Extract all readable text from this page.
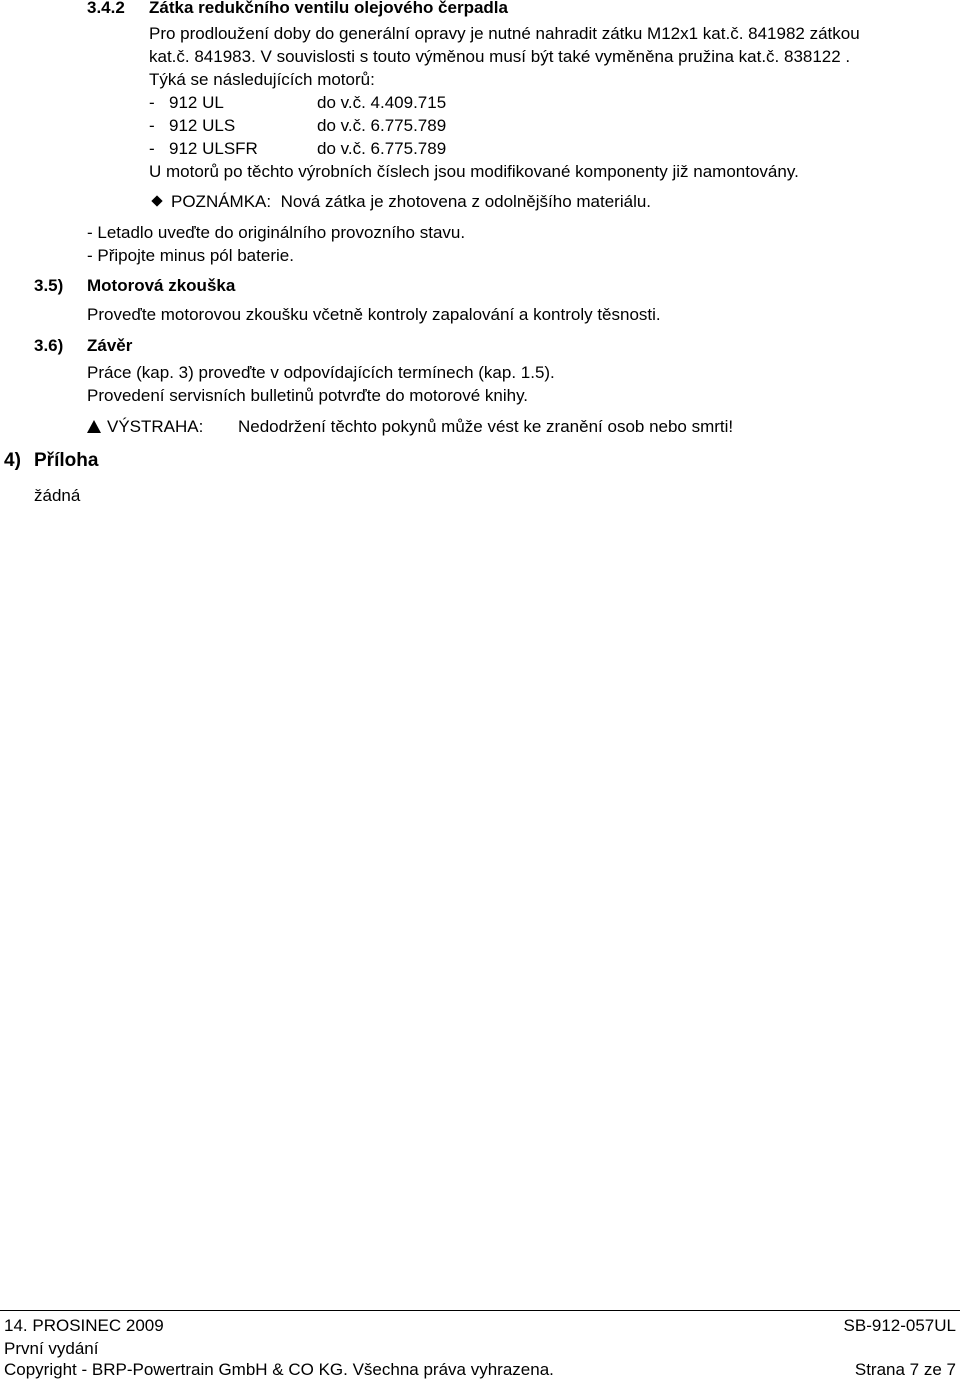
3.4.2 Zátka redukčního ventilu olejového čerpadla
Pro prodloužení doby do generální opravy je nutné nahradit zátku M12x1 kat.č. 841982 zátkou
kat.č. 841983. V souvislosti s touto výměnou musí být také vyměněna pružina kat.č. 838122 .
Týká se následujících motorů:
- 912 UL	do v.č. 4.409.715
- 912 ULS	do v.č. 6.775.789
- 912 ULSFR	do v.č. 6.775.789
U motorů po těchto výrobních číslech jsou modifikované komponenty již namontovány.
POZNÁMKA: Nová zátka je zhotovena z odolnějšího materiálu.
- Letadlo uveďte do originálního provozního stavu.
- Připojte minus pól baterie.
3.5) Motorová zkouška
Proveďte motorovou zkoušku včetně kontroly zapalování a kontroly těsnosti.
3.6) Závěr
Práce (kap. 3) proveďte v odpovídajících termínech (kap. 1.5).
Provedení servisních bulletinů potvrďte do motorové knihy.
VÝSTRAHA: Nedodržení těchto pokynů může vést ke zranění osob nebo smrti!
4) Příloha
žádná
14. PROSINEC 2009	SB-912-057UL
První vydání
Copyright - BRP-Powertrain GmbH & CO KG. Všechna práva vyhrazena.	Strana 7 ze 7
